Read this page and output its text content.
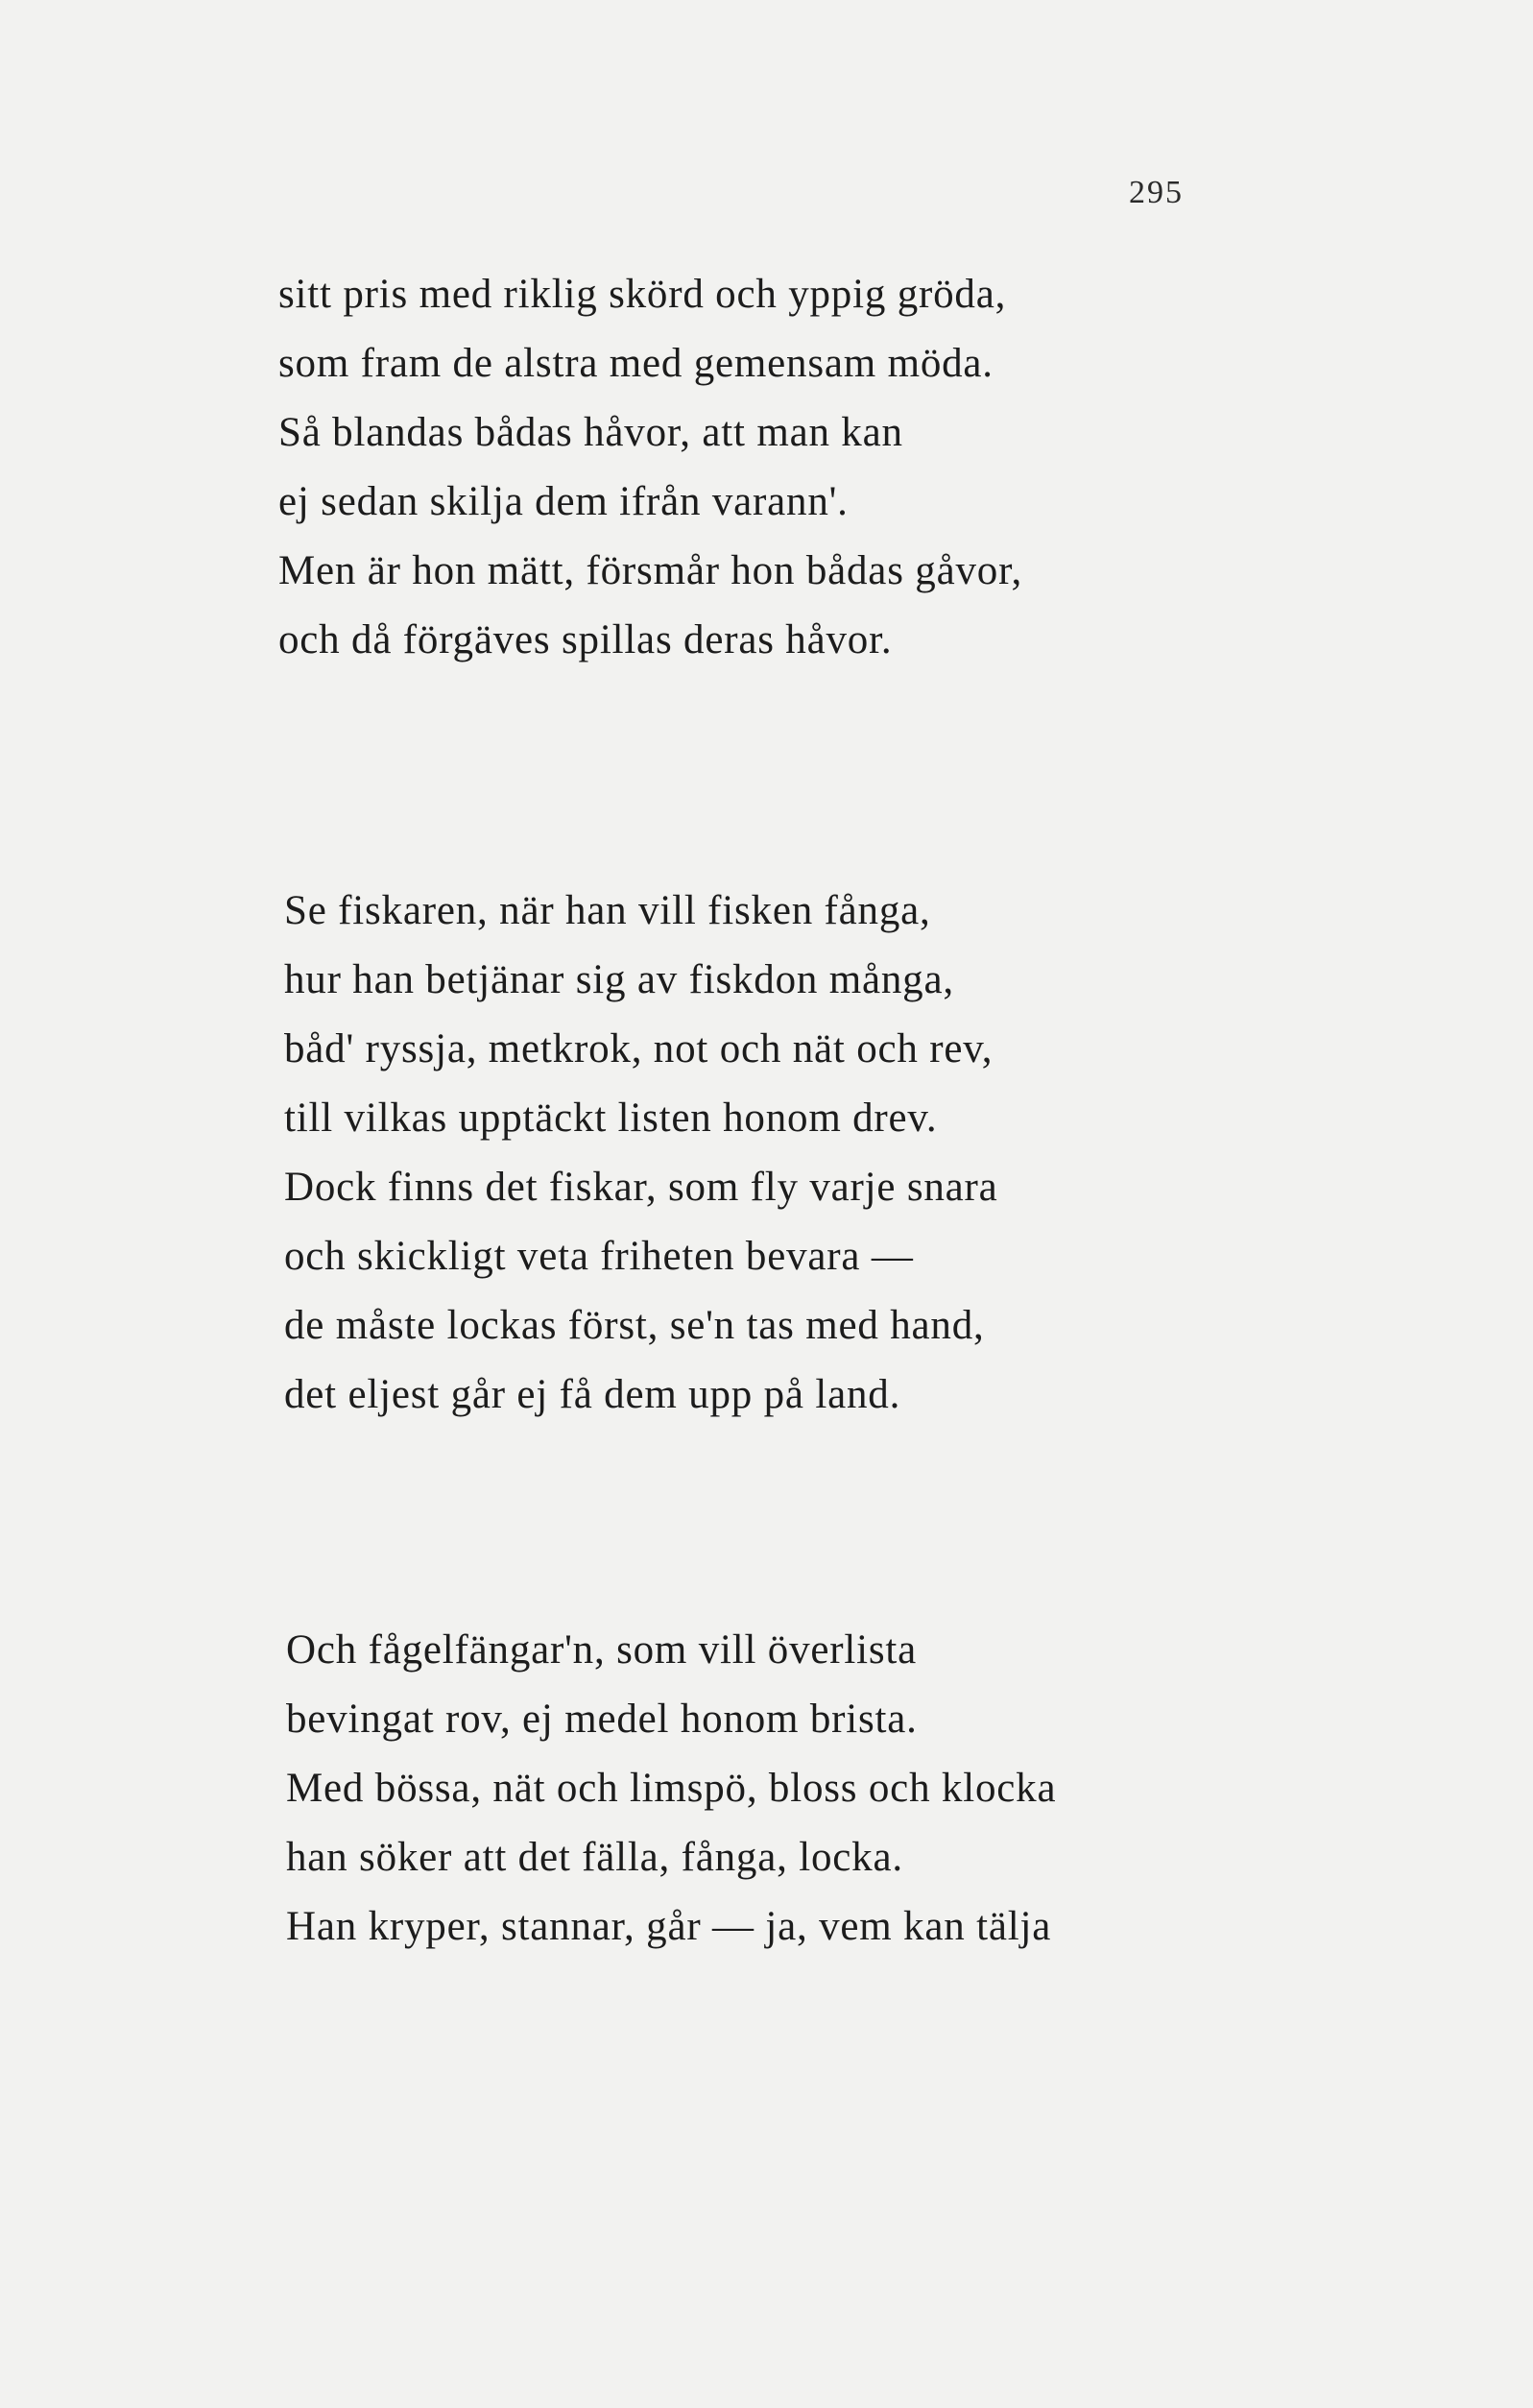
295
sitt pris med riklig skörd och yppig gröda,
som fram de alstra med gemensam möda.
Så blandas bådas håvor, att man kan
ej sedan skilja dem ifrån varann'.
Men är hon mätt, försmår hon bådas gåvor,
och då förgäves spillas deras håvor.
Se fiskaren, när han vill fisken fånga,
hur han betjänar sig av fiskdon många,
båd' ryssja, metkrok, not och nät och rev,
till vilkas upptäckt listen honom drev.
Dock finns det fiskar, som fly varje snara
och skickligt veta friheten bevara —
de måste lockas först, se'n tas med hand,
det eljest går ej få dem upp på land.
Och fågelfängar'n, som vill överlista
bevingat rov, ej medel honom brista.
Med bössa, nät och limspö, bloss och klocka
han söker att det fälla, fånga, locka.
Han kryper, stannar, går — ja, vem kan tälja
